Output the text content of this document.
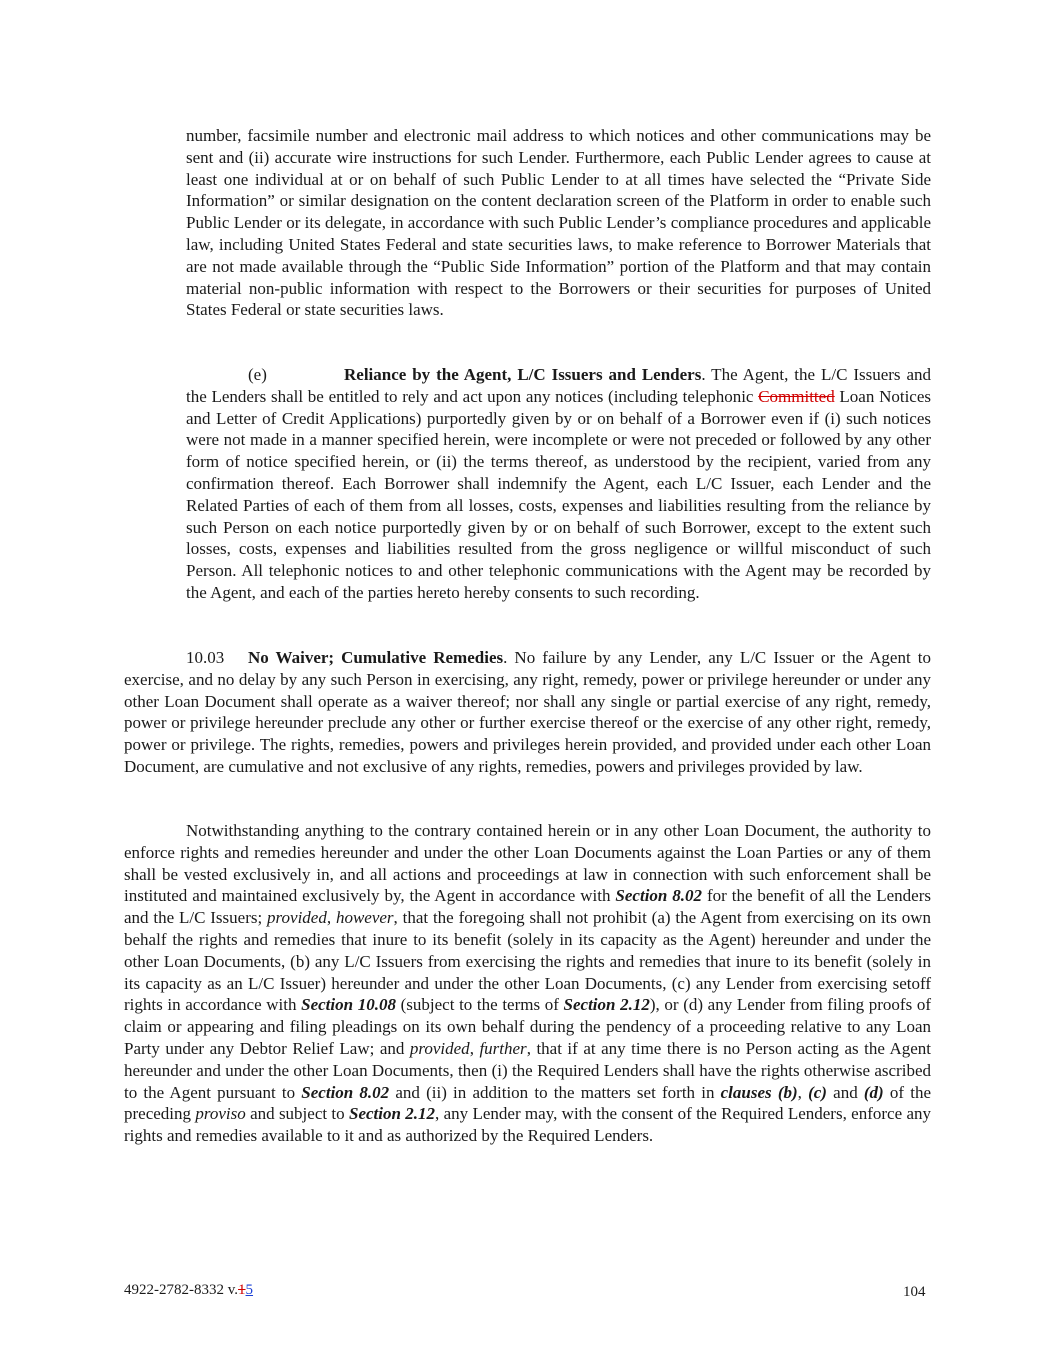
number, facsimile number and electronic mail address to which notices and other communications may be sent and (ii) accurate wire instructions for such Lender. Furthermore, each Public Lender agrees to cause at least one individual at or on behalf of such Public Lender to at all times have selected the “Private Side Information” or similar designation on the content declaration screen of the Platform in order to enable such Public Lender or its delegate, in accordance with such Public Lender’s compliance procedures and applicable law, including United States Federal and state securities laws, to make reference to Borrower Materials that are not made available through the “Public Side Information” portion of the Platform and that may contain material non-public information with respect to the Borrowers or their securities for purposes of United States Federal or state securities laws.

(e)	Reliance by the Agent, L/C Issuers and Lenders. The Agent, the L/C Issuers and the Lenders shall be entitled to rely and act upon any notices (including telephonic Committed Loan Notices and Letter of Credit Applications) purportedly given by or on behalf of a Borrower even if (i) such notices were not made in a manner specified herein, were incomplete or were not preceded or followed by any other form of notice specified herein, or (ii) the terms thereof, as understood by the recipient, varied from any confirmation thereof. Each Borrower shall indemnify the Agent, each L/C Issuer, each Lender and the Related Parties of each of them from all losses, costs, expenses and liabilities resulting from the reliance by such Person on each notice purportedly given by or on behalf of such Borrower, except to the extent such losses, costs, expenses and liabilities resulted from the gross negligence or willful misconduct of such Person. All telephonic notices to and other telephonic communications with the Agent may be recorded by the Agent, and each of the parties hereto hereby consents to such recording.

10.03 No Waiver; Cumulative Remedies. No failure by any Lender, any L/C Issuer or the Agent to exercise, and no delay by any such Person in exercising, any right, remedy, power or privilege hereunder or under any other Loan Document shall operate as a waiver thereof; nor shall any single or partial exercise of any right, remedy, power or privilege hereunder preclude any other or further exercise thereof or the exercise of any other right, remedy, power or privilege. The rights, remedies, powers and privileges herein provided, and provided under each other Loan Document, are cumulative and not exclusive of any rights, remedies, powers and privileges provided by law.

Notwithstanding anything to the contrary contained herein or in any other Loan Document, the authority to enforce rights and remedies hereunder and under the other Loan Documents against the Loan Parties or any of them shall be vested exclusively in, and all actions and proceedings at law in connection with such enforcement shall be instituted and maintained exclusively by, the Agent in accordance with Section 8.02 for the benefit of all the Lenders and the L/C Issuers; provided, however, that the foregoing shall not prohibit (a) the Agent from exercising on its own behalf the rights and remedies that inure to its benefit (solely in its capacity as the Agent) hereunder and under the other Loan Documents, (b) any L/C Issuers from exercising the rights and remedies that inure to its benefit (solely in its capacity as an L/C Issuer) hereunder and under the other Loan Documents, (c) any Lender from exercising setoff rights in accordance with Section 10.08 (subject to the terms of Section 2.12), or (d) any Lender from filing proofs of claim or appearing and filing pleadings on its own behalf during the pendency of a proceeding relative to any Loan Party under any Debtor Relief Law; and provided, further, that if at any time there is no Person acting as the Agent hereunder and under the other Loan Documents, then (i) the Required Lenders shall have the rights otherwise ascribed to the Agent pursuant to Section 8.02 and (ii) in addition to the matters set forth in clauses (b), (c) and (d) of the preceding proviso and subject to Section 2.12, any Lender may, with the consent of the Required Lenders, enforce any rights and remedies available to it and as authorized by the Required Lenders.

4922-2782-8332 v.15	104
